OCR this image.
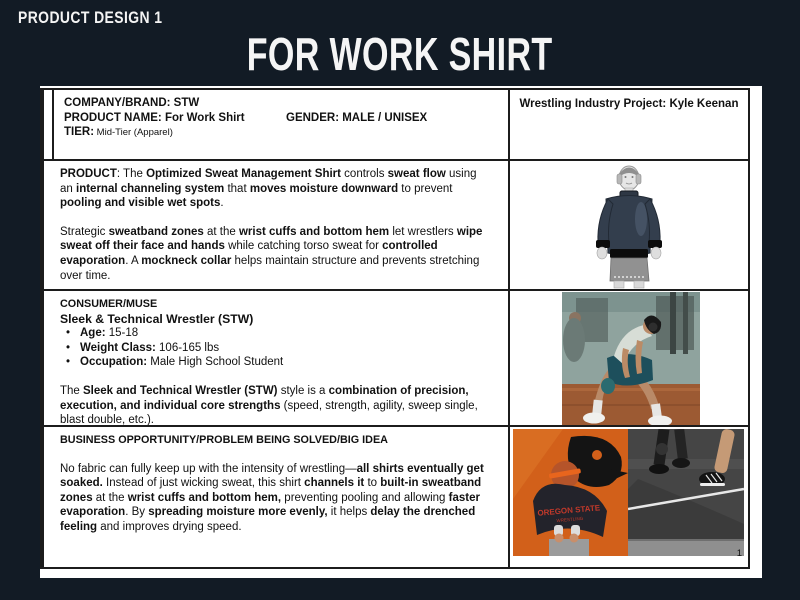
PRODUCT DESIGN 1
FOR WORK SHIRT
COMPANY/BRAND: STW
PRODUCT NAME: For Work Shirt	GENDER: MALE / UNISEX
TIER: Mid-Tier (Apparel)
Wrestling Industry Project: Kyle Keenan

PRODUCT: The Optimized Sweat Management Shirt controls sweat flow using an internal channeling system that moves moisture downward to prevent pooling and visible wet spots.

Strategic sweatband zones at the wrist cuffs and bottom hem let wrestlers wipe sweat off their face and hands while catching torso sweat for controlled evaporation. A mockneck collar helps maintain structure and prevents stretching over time.

CONSUMER/MUSE
Sleek & Technical Wrestler (STW)
• Age: 15-18
• Weight Class: 106-165 lbs
• Occupation: Male High School Student

The Sleek and Technical Wrestler (STW) style is a combination of precision, execution, and individual core strengths (speed, strength, agility, sweep single, blast double, etc.).

BUSINESS OPPORTUNITY/PROBLEM BEING SOLVED/BIG IDEA

No fabric can fully keep up with the intensity of wrestling—all shirts eventually get soaked. Instead of just wicking sweat, this shirt channels it to built-in sweatband zones at the wrist cuffs and bottom hem, preventing pooling and allowing faster evaporation. By spreading moisture more evenly, it helps delay the drenched feeling and improves drying speed.

OREGON STATE
WRESTLING
1
